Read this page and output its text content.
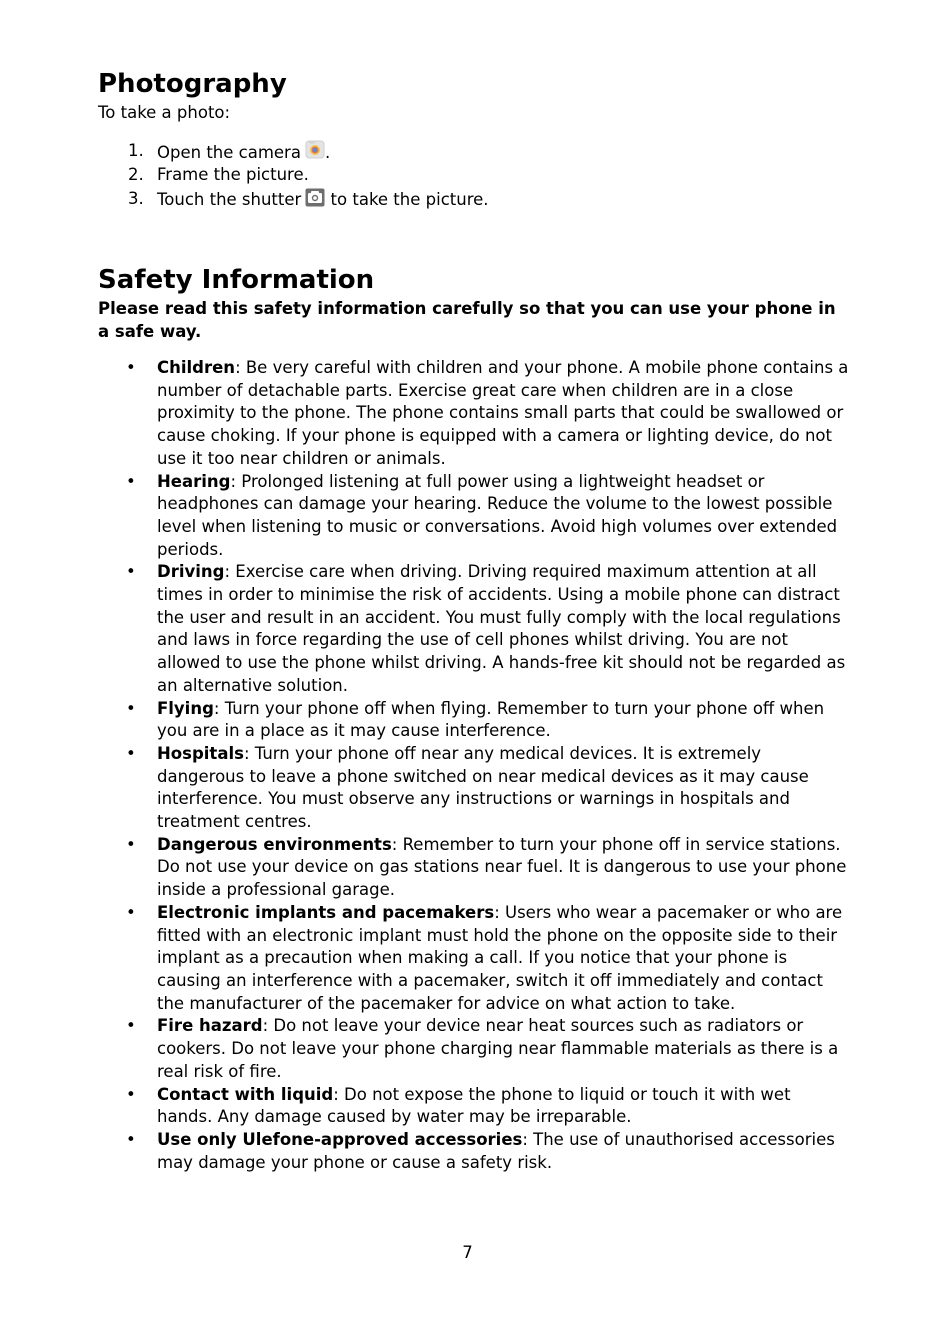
Photography
To take a photo:
1. Open the camera .
2. Frame the picture.
3. Touch the shutter
to take the picture.
Safety Information
Please read this safety information carefully so that you can use your phone in a safe way.

• Children: Be very careful with children and your phone. A mobile phone contains a number of detachable parts. Exercise great care when children are in a close proximity to the phone. The phone contains small parts that could be swallowed or cause choking. If your phone is equipped with a camera or lighting device, do not use it too near children or animals.

• Hearing: Prolonged listening at full power using a lightweight headset or headphones can damage your hearing. Reduce the volume to the lowest possible level when listening to music or conversations. Avoid high volumes over extended periods.

• Driving: Exercise care when driving. Driving required maximum attention at all times in order to minimise the risk of accidents. Using a mobile phone can distract the user and result in an accident. You must fully comply with the local regulations and laws in force regarding the use of cell phones whilst driving. You are not allowed to use the phone whilst driving. A hands-free kit should not be regarded as an alternative solution.

• Flying: Turn your phone off when flying. Remember to turn your phone off when you are in a place as it may cause interference.

• Hospitals: Turn your phone off near any medical devices. It is extremely dangerous to leave a phone switched on near medical devices as it may cause interference. You must observe any instructions or warnings in hospitals and treatment centres.

• Dangerous environments: Remember to turn your phone off in service stations. Do not use your device on gas stations near fuel. It is dangerous to use your phone inside a professional garage.

• Electronic implants and pacemakers: Users who wear a pacemaker or who are fitted with an electronic implant must hold the phone on the opposite side to their implant as a precaution when making a call. If you notice that your phone is causing an interference with a pacemaker, switch it off immediately and contact the manufacturer of the pacemaker for advice on what action to take.

• Fire hazard: Do not leave your device near heat sources such as radiators or cookers. Do not leave your phone charging near flammable materials as there is a real risk of fire.

• Contact with liquid: Do not expose the phone to liquid or touch it with wet hands. Any damage caused by water may be irreparable.

• Use only Ulefone-approved accessories: The use of unauthorised accessories may damage your phone or cause a safety risk.

7
